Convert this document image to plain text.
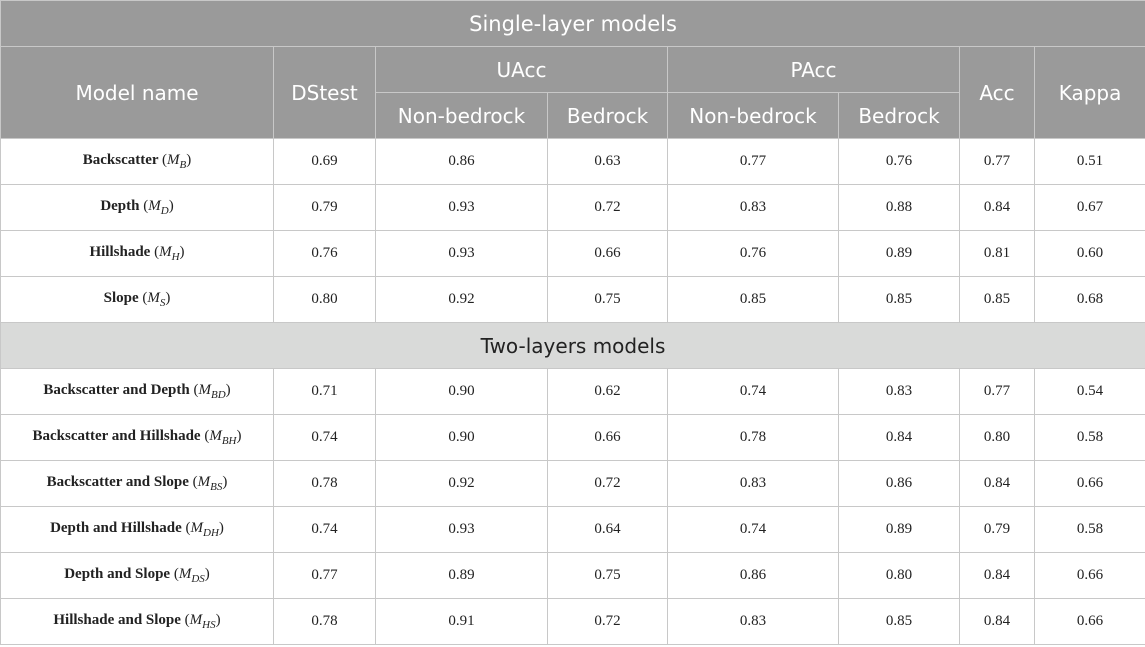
Single-layer models							
Model name	DStest	UAcc		PAcc		Acc	Kappa
		Non-bedrock	Bedrock	Non-bedrock	Bedrock		
Backscatter $(M_B)$	0.69	0.86	0.63	0.77	0.76	0.77	0.51
Depth $(M_D)$	0.79	0.93	0.72	0.83	0.88	0.84	0.67
Hillshade $(M_H)$	0.76	0.93	0.66	0.76	0.89	0.81	0.60
Slope $(M_S)$	0.80	0.92	0.75	0.85	0.85	0.85	0.68
Two-layers models							
Backscatter and Depth $(M_{BD})$	0.71	0.90	0.62	0.74	0.83	0.77	0.54
Backscatter and Hillshade $(M_{BH})$	0.74	0.90	0.66	0.78	0.84	0.80	0.58
Backscatter and Slope $(M_{BS})$	0.78	0.92	0.72	0.83	0.86	0.84	0.66
Depth and Hillshade $(M_{DH})$	0.74	0.93	0.64	0.74	0.89	0.79	0.58
Depth and Slope $(M_{DS})$	0.77	0.89	0.75	0.86	0.80	0.84	0.66
Hillshade and Slope $(M_{HS})$	0.78	0.91	0.72	0.83	0.85	0.84	0.66
